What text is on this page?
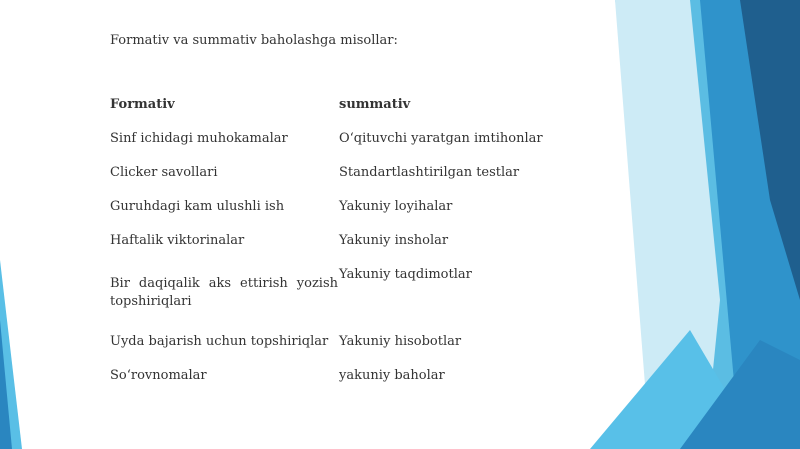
Formativ va summativ baholashga misollar:
Formativ
Sinf ichidagi muhokamalar
Clicker savollari
Guruhdagi kam ulushli ish
Haftalik viktorinalar
Bir daqiqalik aks ettirish yozish topshiriqlari
Uyda bajarish uchun topshiriqlar
So‘rovnomalar
summativ
O‘qituvchi yaratgan imtihonlar
Standartlashtirilgan testlar
Yakuniy loyihalar
Yakuniy insholar
Yakuniy taqdimotlar
Yakuniy hisobotlar
yakuniy baholar
